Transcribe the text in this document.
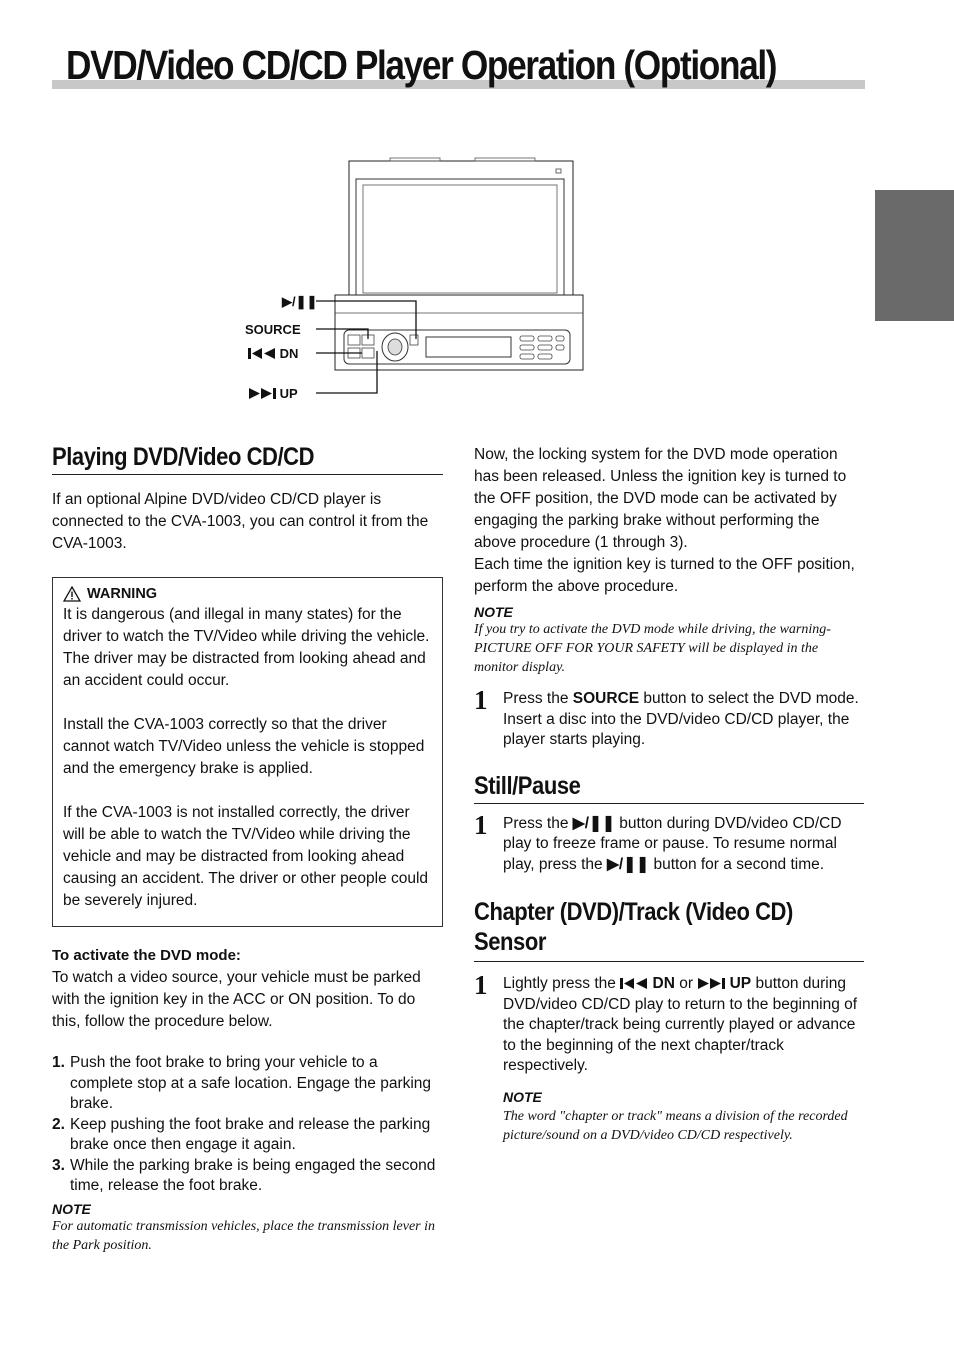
DVD/Video CD/CD Player Operation (Optional)
▶/❚❚
SOURCE
DN
UP
Playing DVD/Video CD/CD

If an optional Alpine DVD/video CD/CD player is connected to the CVA-1003, you can control it from the CVA-1003.

WARNING

It is dangerous (and illegal in many states) for the driver to watch the TV/Video while driving the vehicle. The driver may be distracted from looking ahead and an accident could occur.

Install the CVA-1003 correctly so that the driver cannot watch TV/Video unless the vehicle is stopped and the emergency brake is applied.

If the CVA-1003 is not installed correctly, the driver will be able to watch the TV/Video while driving the vehicle and may be distracted from looking ahead causing an accident. The driver or other people could be severely injured.

To activate the DVD mode:

To watch a video source, your vehicle must be parked with the ignition key in the ACC or ON position. To do this, follow the procedure below.

1. Push the foot brake to bring your vehicle to a complete stop at a safe location. Engage the parking brake.
2. Keep pushing the foot brake and release the parking brake once then engage it again.
3. While the parking brake is being engaged the second time, release the foot brake.
NOTE
For automatic transmission vehicles, place the transmission lever in the Park position.

Now, the locking system for the DVD mode operation has been released. Unless the ignition key is turned to the OFF position, the DVD mode can be activated by engaging the parking brake without performing the above procedure (1 through 3).

Each time the ignition key is turned to the OFF position, perform the above procedure.

NOTE
If you try to activate the DVD mode while driving, the warning-PICTURE OFF FOR YOUR SAFETY will be displayed in the monitor display.
1	Press the SOURCE button to select the DVD mode.
Insert a disc into the DVD/video CD/CD player, the player starts playing.
Still/Pause
1	Press the ▶/❚❚ button during DVD/video CD/CD play to freeze frame or pause. To resume normal play, press the ▶/❚❚ button for a second time.
Chapter (DVD)/Track (Video CD)
Sensor
1	Lightly press the  DN or  UP button during DVD/video CD/CD play to return to the beginning of the chapter/track being currently played or advance to the beginning of the next chapter/track respectively.
NOTE
The word "chapter or track" means a division of the recorded picture/sound on a DVD/video CD/CD respectively.
